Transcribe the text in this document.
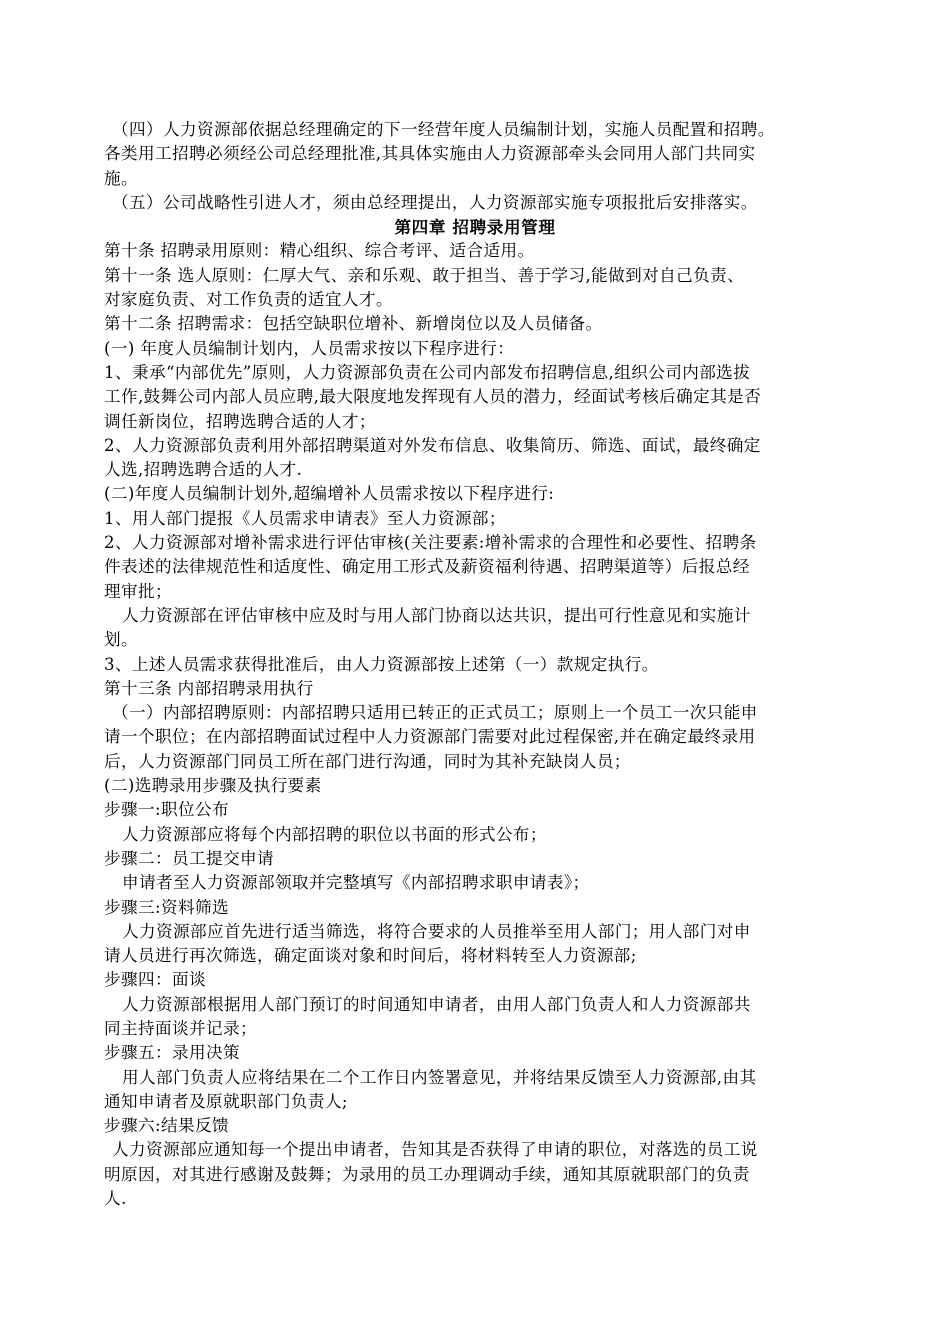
（四）人力资源部依据总经理确定的下一经营年度人员编制计划，实施人员配置和招聘。
各类用工招聘必须经公司总经理批准,其具体实施由人力资源部牵头会同用人部门共同实
施。
（五）公司战略性引进人才，须由总经理提出，人力资源部实施专项报批后安排落实。
第四章 招聘录用管理
第十条 招聘录用原则：精心组织、综合考评、适合适用。
第十一条 选人原则：仁厚大气、亲和乐观、敢于担当、善于学习,能做到对自己负责、
对家庭负责、对工作负责的适宜人才。
第十二条 招聘需求：包括空缺职位增补、新增岗位以及人员储备。
(一) 年度人员编制计划内，人员需求按以下程序进行：
1、秉承“内部优先”原则，人力资源部负责在公司内部发布招聘信息,组织公司内部选拔
工作,鼓舞公司内部人员应聘,最大限度地发挥现有人员的潜力，经面试考核后确定其是否
调任新岗位，招聘选聘合适的人才；
2、人力资源部负责利用外部招聘渠道对外发布信息、收集简历、筛选、面试，最终确定
人选,招聘选聘合适的人才.
(二)年度人员编制计划外,超编增补人员需求按以下程序进行:
1、用人部门提报《人员需求申请表》至人力资源部；
2、人力资源部对增补需求进行评估审核(关注要素:增补需求的合理性和必要性、招聘条
件表述的法律规范性和适度性、确定用工形式及薪资福利待遇、招聘渠道等）后报总经
理审批；
人力资源部在评估审核中应及时与用人部门协商以达共识，提出可行性意见和实施计
划。
3、上述人员需求获得批准后，由人力资源部按上述第（一）款规定执行。
第十三条 内部招聘录用执行
（一）内部招聘原则：内部招聘只适用已转正的正式员工；原则上一个员工一次只能申
请一个职位；在内部招聘面试过程中人力资源部门需要对此过程保密,并在确定最终录用
后，人力资源部门同员工所在部门进行沟通，同时为其补充缺岗人员；
(二)选聘录用步骤及执行要素
步骤一:职位公布
人力资源部应将每个内部招聘的职位以书面的形式公布；
步骤二：员工提交申请
申请者至人力资源部领取并完整填写《内部招聘求职申请表》；
步骤三:资料筛选
人力资源部应首先进行适当筛选，将符合要求的人员推举至用人部门；用人部门对申
请人员进行再次筛选，确定面谈对象和时间后，将材料转至人力资源部;
步骤四：面谈
人力资源部根据用人部门预订的时间通知申请者，由用人部门负责人和人力资源部共
同主持面谈并记录；
步骤五：录用决策
用人部门负责人应将结果在二个工作日内签署意见，并将结果反馈至人力资源部,由其
通知申请者及原就职部门负责人;
步骤六:结果反馈
人力资源部应通知每一个提出申请者，告知其是否获得了申请的职位，对落选的员工说
明原因，对其进行感谢及鼓舞；为录用的员工办理调动手续，通知其原就职部门的负责
人.
